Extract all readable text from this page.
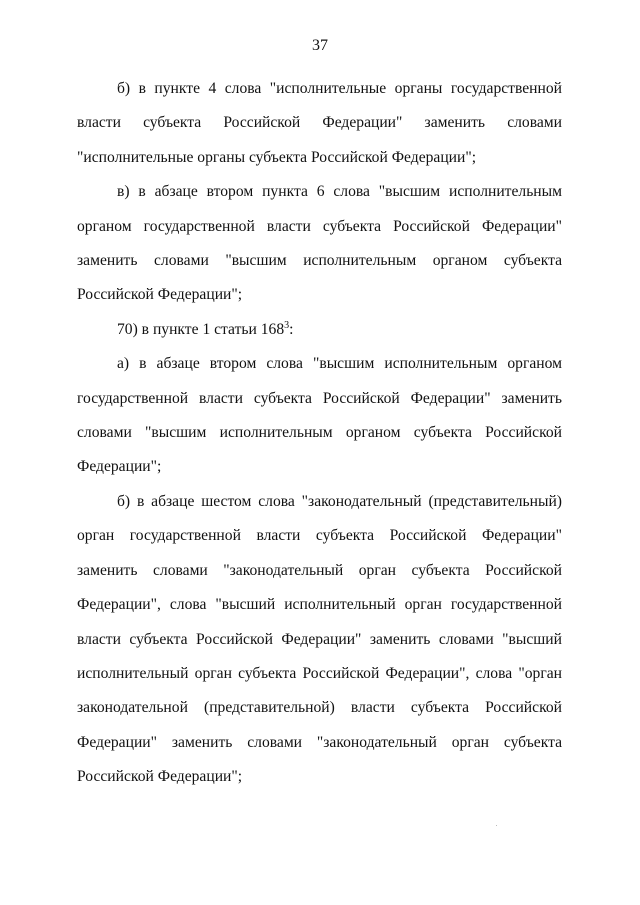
37

б) в пункте 4 слова "исполнительные органы государственной власти субъекта Российской Федерации" заменить словами "исполнительные органы субъекта Российской Федерации";

в) в абзаце втором пункта 6 слова "высшим исполнительным органом государственной власти субъекта Российской Федерации" заменить словами "высшим исполнительным органом субъекта Российской Федерации";

70) в пункте 1 статьи $168^3$:

а) в абзаце втором слова "высшим исполнительным органом государственной власти субъекта Российской Федерации" заменить словами "высшим исполнительным органом субъекта Российской Федерации";

б) в абзаце шестом слова "законодательный (представительный) орган государственной власти субъекта Российской Федерации" заменить словами "законодательный орган субъекта Российской Федерации", слова "высший исполнительный орган государственной власти субъекта Российской Федерации" заменить словами "высший исполнительный орган субъекта Российской Федерации", слова "орган законодательной (представительной) власти субъекта Российской Федерации" заменить словами "законодательный орган субъекта Российской Федерации";
